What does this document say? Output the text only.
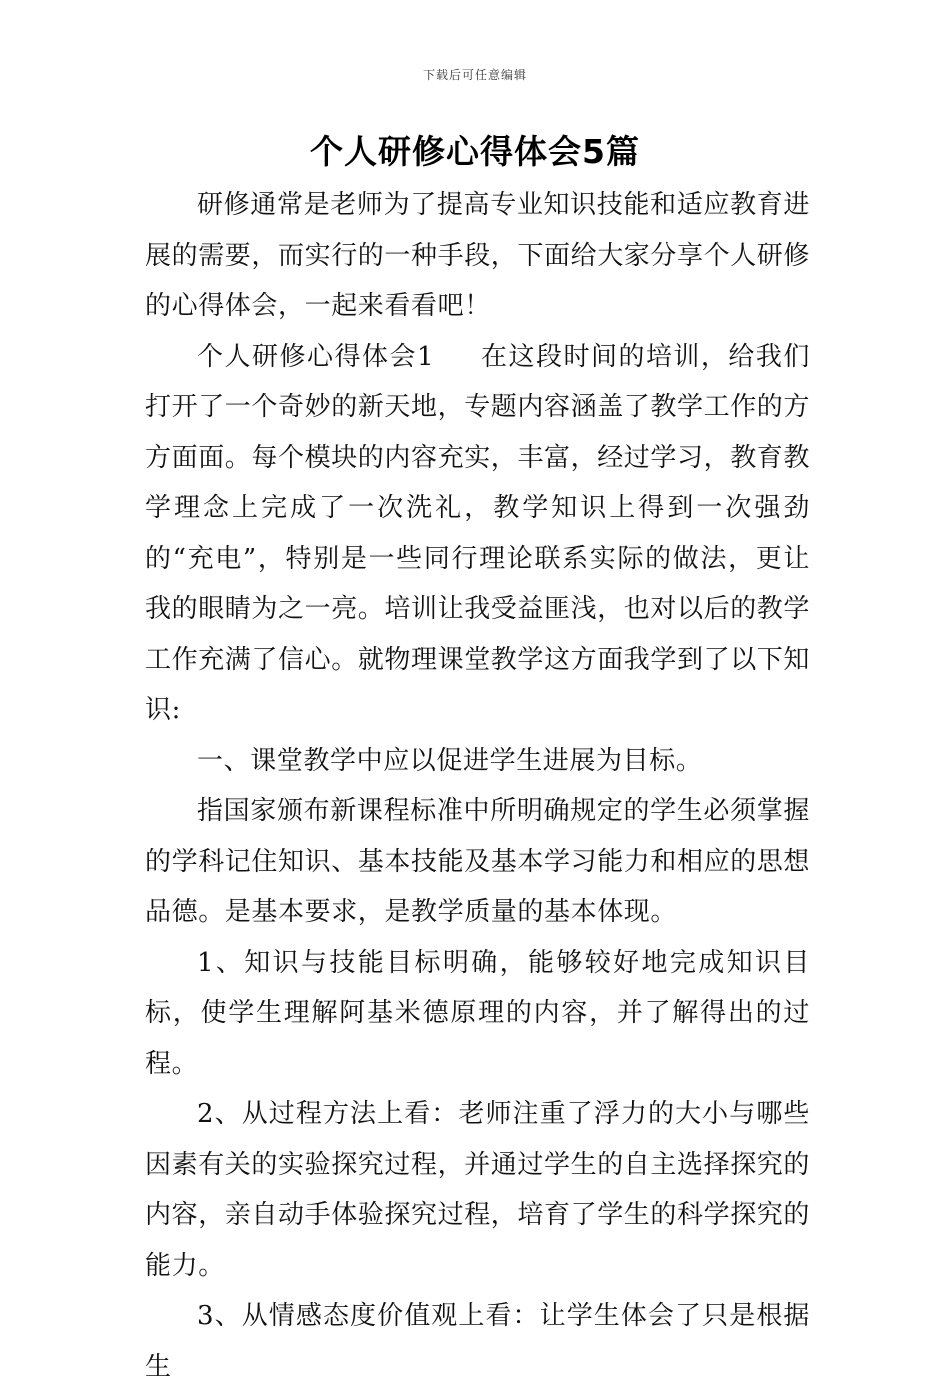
下载后可任意编辑
个人研修心得体会5篇

研修通常是老师为了提高专业知识技能和适应教育进展的需要，而实行的一种手段，下面给大家分享个人研修的心得体会，一起来看看吧！

个人研修心得体会1 在这段时间的培训，给我们打开了一个奇妙的新天地，专题内容涵盖了教学工作的方方面面。每个模块的内容充实，丰富，经过学习，教育教学理念上完成了一次洗礼，教学知识上得到一次强劲的“充电”，特别是一些同行理论联系实际的做法，更让我的眼睛为之一亮。培训让我受益匪浅，也对以后的教学工作充满了信心。就物理课堂教学这方面我学到了以下知识:

一、课堂教学中应以促进学生进展为目标。

指国家颁布新课程标准中所明确规定的学生必须掌握的学科记住知识、基本技能及基本学习能力和相应的思想品德。是基本要求，是教学质量的基本体现。

1、知识与技能目标明确，能够较好地完成知识目标，使学生理解阿基米德原理的内容，并了解得出的过程。

2、从过程方法上看：老师注重了浮力的大小与哪些因素有关的实验探究过程，并通过学生的自主选择探究的内容，亲自动手体验探究过程，培育了学生的科学探究的能力。

3、从情感态度价值观上看：让学生体会了只是根据生
